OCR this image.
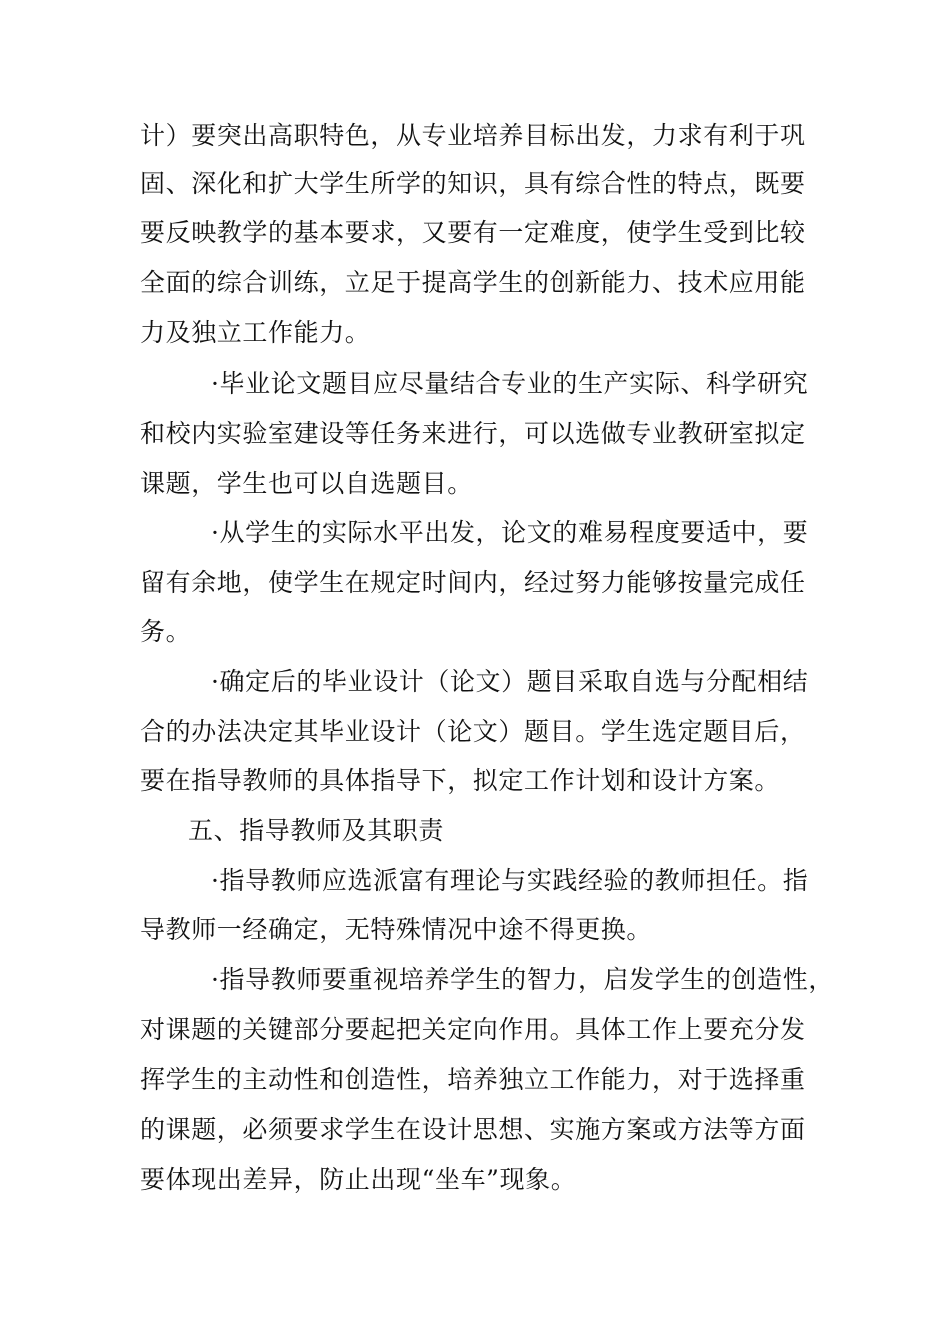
计）要突出高职特色，从专业培养目标出发，力求有利于巩
固、深化和扩大学生所学的知识，具有综合性的特点，既要
要反映教学的基本要求，又要有一定难度，使学生受到比较
全面的综合训练，立足于提高学生的创新能力、技术应用能
力及独立工作能力。
·毕业论文题目应尽量结合专业的生产实际、科学研究
和校内实验室建设等任务来进行，可以选做专业教研室拟定
课题，学生也可以自选题目。
·从学生的实际水平出发，论文的难易程度要适中，要
留有余地，使学生在规定时间内，经过努力能够按量完成任
务。
·确定后的毕业设计（论文）题目采取自选与分配相结
合的办法决定其毕业设计（论文）题目。学生选定题目后，
要在指导教师的具体指导下，拟定工作计划和设计方案。
五、指导教师及其职责
·指导教师应选派富有理论与实践经验的教师担任。指
导教师一经确定，无特殊情况中途不得更换。
·指导教师要重视培养学生的智力，启发学生的创造性，
对课题的关键部分要起把关定向作用。具体工作上要充分发
挥学生的主动性和创造性，培养独立工作能力，对于选择重
的课题，必须要求学生在设计思想、实施方案或方法等方面
要体现出差异，防止出现“坐车”现象。
